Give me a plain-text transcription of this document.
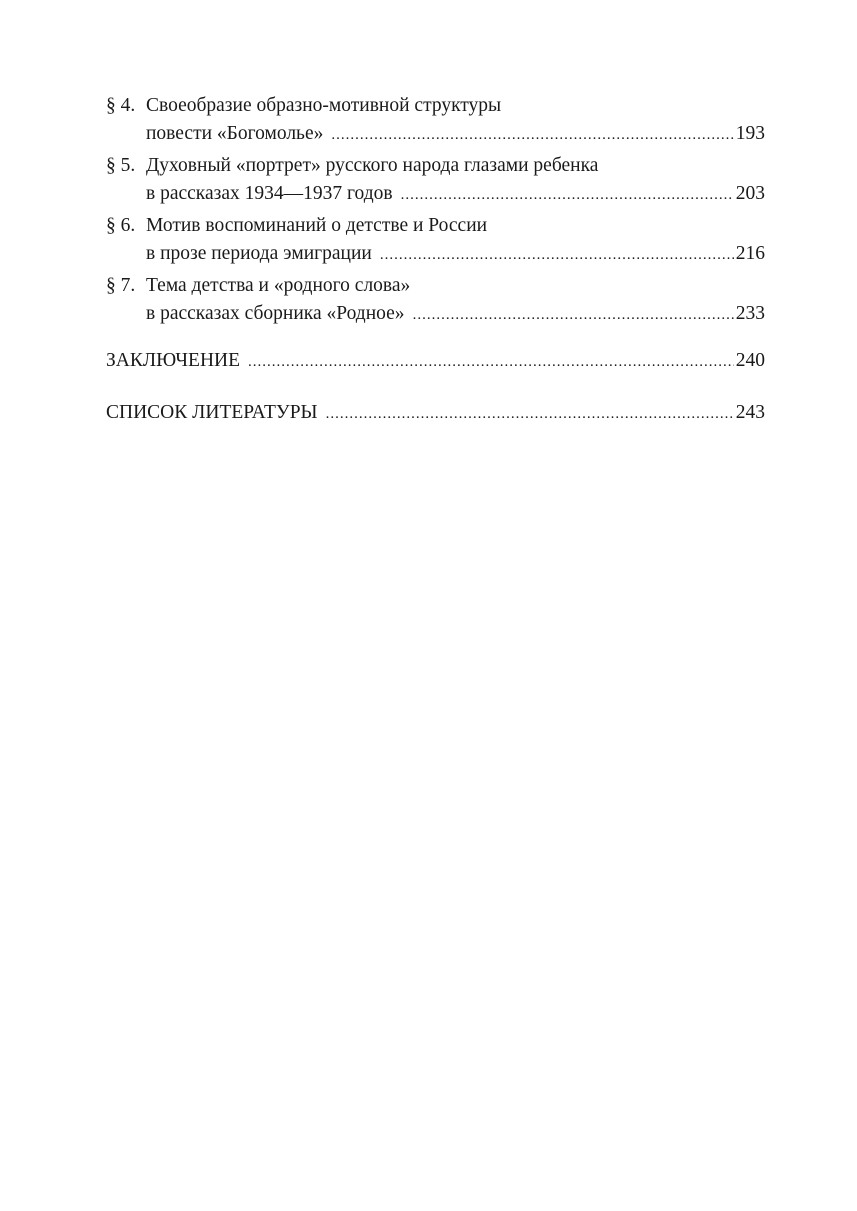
§ 4. Своеобразие образно-мотивной структуры
повести «Богомолье» .....	193
§ 5. Духовный «портрет» русского народа глазами ребенка
в рассказах 1934—1937 годов .....	203
§ 6. Мотив воспоминаний о детстве и России
в прозе периода эмиграции .....	216
§ 7. Тема детства и «родного слова»
в рассказах сборника «Родное» .....	233
ЗАКЛЮЧЕНИЕ .....	240
СПИСОК ЛИТЕРАТУРЫ .....	243
